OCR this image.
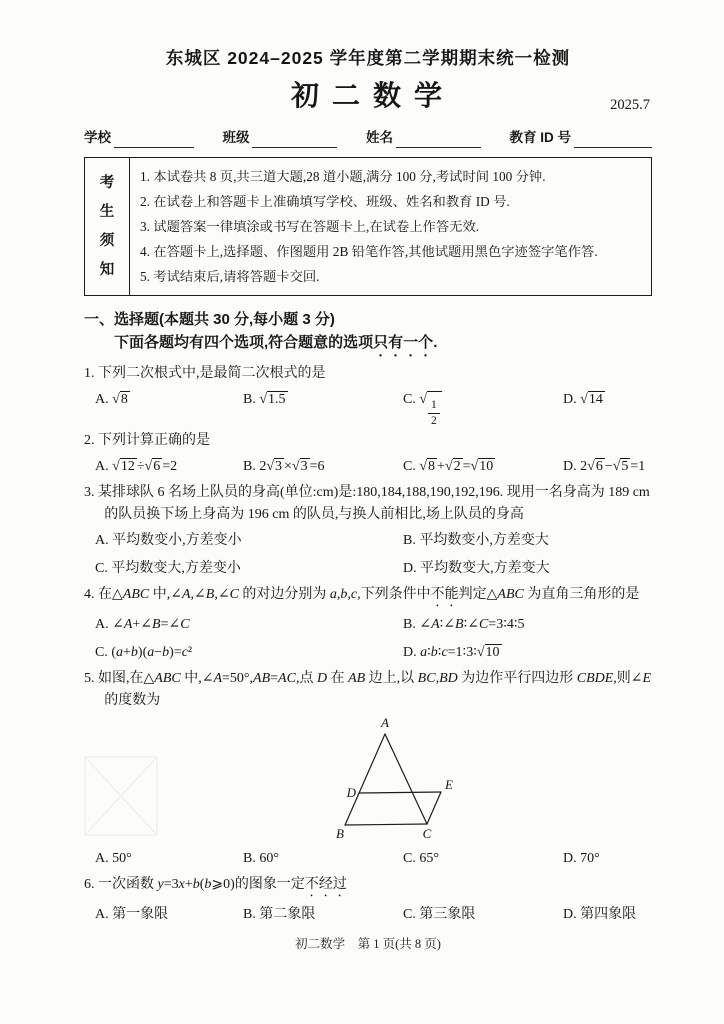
东城区 2024–2025 学年度第二学期期末统一检测
初 二 数 学	2025.7
学校	班级	姓名	教育 ID 号
考生须知

1. 本试卷共 8 页,共三道大题,28 道小题,满分 100 分,考试时间 100 分钟.

2. 在试卷上和答题卡上准确填写学校、班级、姓名和教育 ID 号.

3. 试题答案一律填涂或书写在答题卡上,在试卷上作答无效.

4. 在答题卡上,选择题、作图题用 2B 铅笔作答,其他试题用黑色字迹签字笔作答.

5. 考试结束后,请将答题卡交回.

一、选择题(本题共 30 分,每小题 3 分)

下面各题均有四个选项,符合题意的选项只有一个.

1. 下列二次根式中,是最简二次根式的是

A. √8	B. √1.5	C. √
$\frac{1}{2}$
D. √14

2. 下列计算正确的是

A. √12 ÷√6 =2	B. 2√3 ×√3 =6	C. √8 +√2 =√10	D. 2√6 −√5 =1

3. 某排球队 6 名场上队员的身高(单位:cm)是:180,184,188,190,192,196. 现用一名身高为 189 cm 的队员换下场上身高为 196 cm 的队员,与换人前相比,场上队员的身高

A. 平均数变小,方差变小	B. 平均数变小,方差变大
C. 平均数变大,方差变小	D. 平均数变大,方差变大

4. 在△ABC 中,∠A,∠B,∠C 的对边分别为 a,b,c,下列条件中不能判定△ABC 为直角三角形的是

A. ∠A+∠B=∠C	B. ∠A∶∠B∶∠C=3∶4∶5
C. (a+b)(a−b)=c²	D. a∶b∶c=1∶3∶√10

5. 如图,在△ABC 中,∠A=50°,AB=AC,点 D 在 AB 边上,以 BC,BD 为边作平行四边形 CBDE,则∠E 的度数为

A
B	C
D
E
A. 50°	B. 60°	C. 65°	D. 70°

6. 一次函数 y=3x+b(b⩾0)的图象一定不经过

A. 第一象限	B. 第二象限	C. 第三象限	D. 第四象限
初二数学　第 1 页(共 8 页)
